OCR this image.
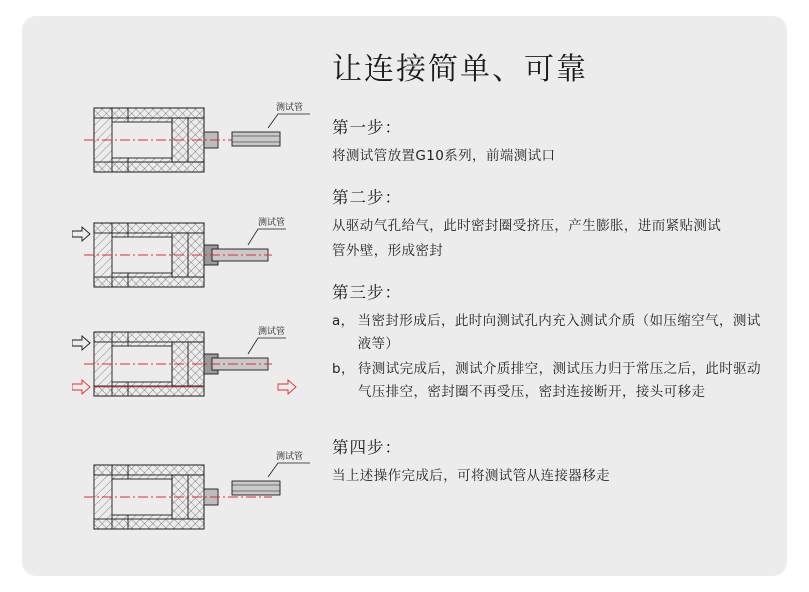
测试管
测试管
测试管
测试管
让连接简单、可靠
第一步：

将测试管放置G10系列，前端测试口

第二步：

从驱动气孔给气，此时密封圈受挤压，产生膨胀，进而紧贴测试

管外壁，形成密封

第三步：
a， 当密封形成后，此时向测试孔内充入测试介质（如压缩空气，测试液等）
b， 待测试完成后，测试介质排空，测试压力归于常压之后，此时驱动气压排空，密封圈不再受压，密封连接断开，接头可移走
第四步：

当上述操作完成后，可将测试管从连接器移走
